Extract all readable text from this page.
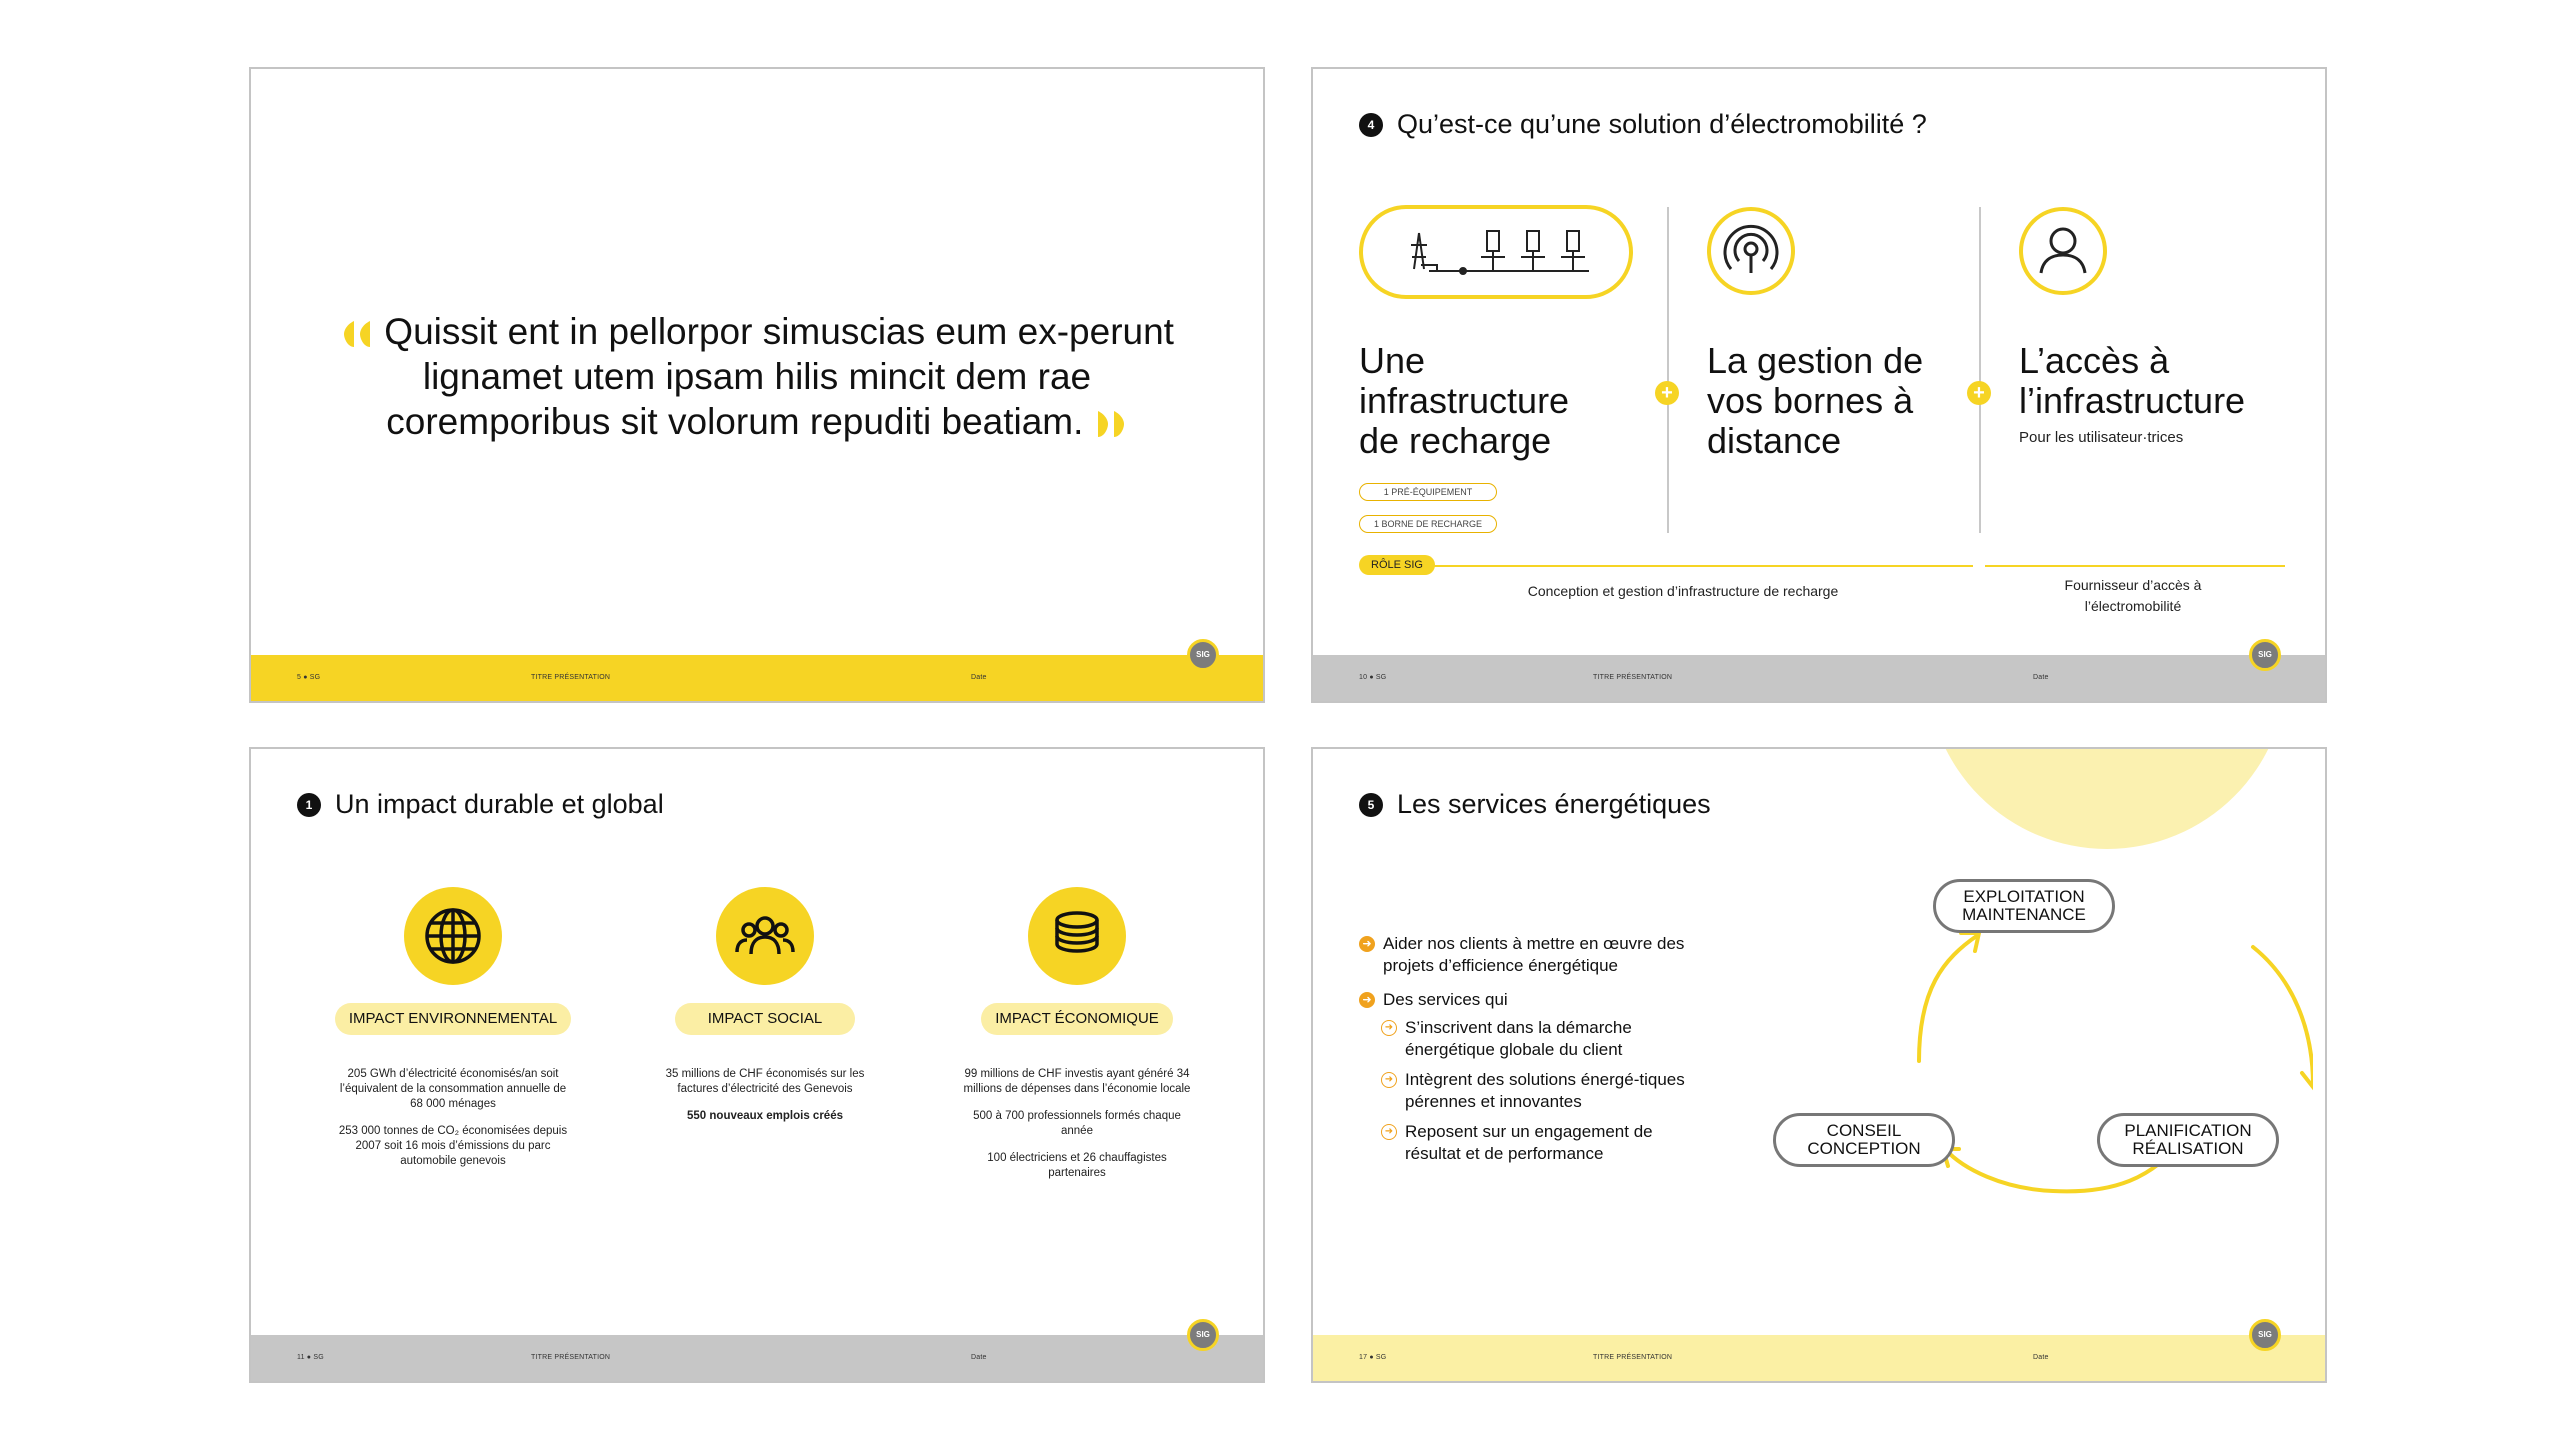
Quissit ent in pellorpor simuscias eum ex-perunt lignamet utem ipsam hilis mincit dem rae coremporibus sit volorum repuditi beatiam.
5 ● SG	TITRE PRÉSENTATION	Date
SIG
4 Qu’est-ce qu’une solution d’électromobilité ?
Une infrastructure de recharge
1 PRÉ-ÉQUIPEMENT
1 BORNE DE RECHARGE
+
La gestion de vos bornes à distance
+
L’accès à l’infrastructure
Pour les utilisateur·trices
RÔLE SIG
Conception et gestion d’infrastructure de recharge	Fournisseur d’accès à l’électromobilité
10 ● SG	TITRE PRÉSENTATION	Date
SIG
1 Un impact durable et global
IMPACT ENVIRONNEMENTAL

205 GWh d’électricité économisés/an soit l’équivalent de la consommation annuelle de 68 000 ménages

253 000 tonnes de CO₂ économisées depuis 2007 soit 16 mois d’émissions du parc automobile genevois

IMPACT SOCIAL

35 millions de CHF économisés sur les factures d’électricité des Genevois

550 nouveaux emplois créés

IMPACT ÉCONOMIQUE

99 millions de CHF investis ayant généré 34 millions de dépenses dans l’économie locale

500 à 700 professionnels formés chaque année

100 électriciens et 26 chauffagistes partenaires

11 ● SG	TITRE PRÉSENTATION	Date
SIG
5 Les services énergétiques
➜ Aider nos clients à mettre en œuvre des projets d’efficience énergétique
➜ Des services qui
➜ S’inscrivent dans la démarche énergétique globale du client
➜ Intègrent des solutions énergé-tiques pérennes et innovantes
➜ Reposent sur un engagement de résultat et de performance
EXPLOITATION
MAINTENANCE
PLANIFICATION
RÉALISATION
CONSEIL
CONCEPTION
17 ● SG	TITRE PRÉSENTATION	Date
SIG
